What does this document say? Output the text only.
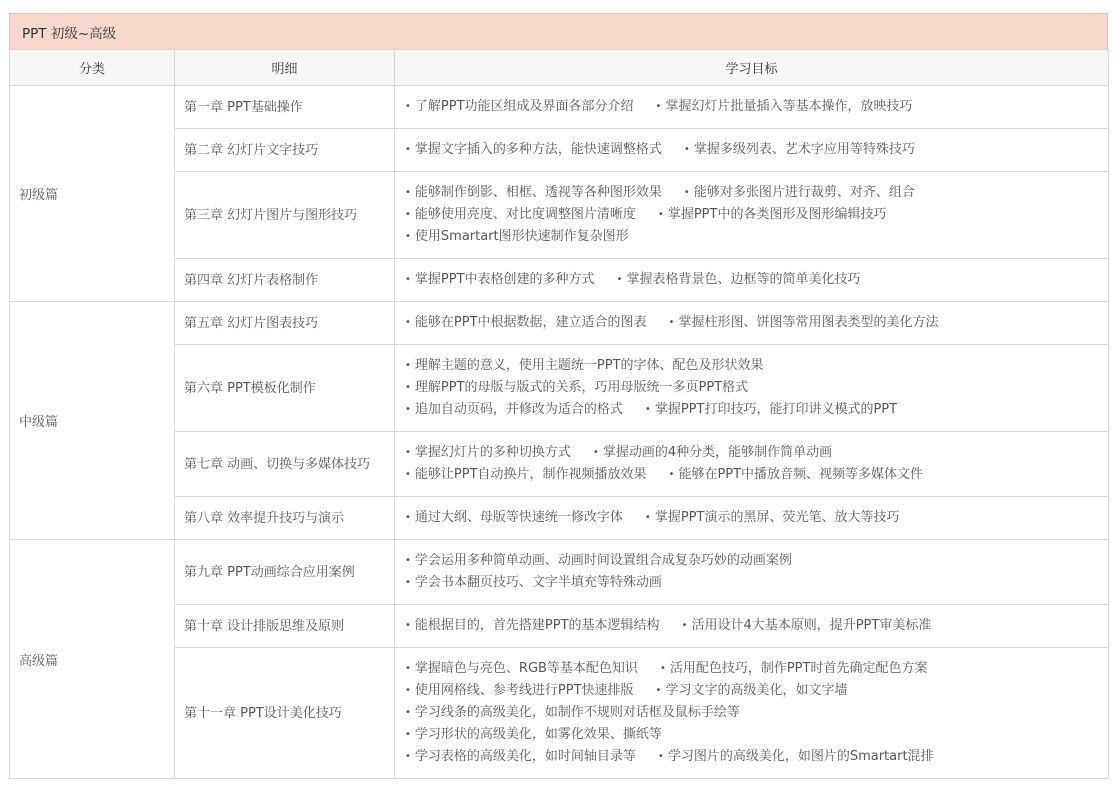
PPT 初级~高级
分类	明细	学习目标
初级篇	第一章 PPT基础操作	• 了解PPT功能区组成及界面各部分介绍 • 掌握幻灯片批量插入等基本操作，放映技巧

	第二章 幻灯片文字技巧	• 掌握文字插入的多种方法，能快速调整格式 • 掌握多级列表、艺术字应用等特殊技巧

	第三章 幻灯片图片与图形技巧	• 能够制作倒影、相框、透视等各种图形效果 • 能够对多张图片进行裁剪、对齐、组合
• 能够使用亮度、对比度调整图片清晰度 • 掌握PPT中的各类图形及图形编辑技巧
• 使用Smartart图形快速制作复杂图形

	第四章 幻灯片表格制作	• 掌握PPT中表格创建的多种方式 • 掌握表格背景色、边框等的简单美化技巧

中级篇	第五章 幻灯片图表技巧	• 能够在PPT中根据数据，建立适合的图表 • 掌握柱形图、饼图等常用图表类型的美化方法

	第六章 PPT模板化制作	• 理解主题的意义，使用主题统一PPT的字体、配色及形状效果
• 理解PPT的母版与版式的关系，巧用母版统一多页PPT格式
• 追加自动页码，并修改为适合的格式 • 掌握PPT打印技巧，能打印讲义模式的PPT

	第七章 动画、切换与多媒体技巧	• 掌握幻灯片的多种切换方式 • 掌握动画的4种分类，能够制作简单动画
• 能够让PPT自动换片，制作视频播放效果 • 能够在PPT中播放音频、视频等多媒体文件

	第八章 效率提升技巧与演示	• 通过大纲、母版等快速统一修改字体 • 掌握PPT演示的黑屏、荧光笔、放大等技巧

高级篇	第九章 PPT动画综合应用案例	• 学会运用多种简单动画、动画时间设置组合成复杂巧妙的动画案例
• 学会书本翻页技巧、文字半填充等特殊动画

	第十章 设计排版思维及原则	• 能根据目的，首先搭建PPT的基本逻辑结构 • 活用设计4大基本原则，提升PPT审美标准

	第十一章 PPT设计美化技巧	• 掌握暗色与亮色、RGB等基本配色知识 • 活用配色技巧，制作PPT时首先确定配色方案
• 使用网格线、参考线进行PPT快速排版 • 学习文字的高级美化，如文字墙
• 学习线条的高级美化，如制作不规则对话框及鼠标手绘等
• 学习形状的高级美化，如雾化效果、撕纸等
• 学习表格的高级美化，如时间轴目录等 • 学习图片的高级美化，如图片的Smartart混排
